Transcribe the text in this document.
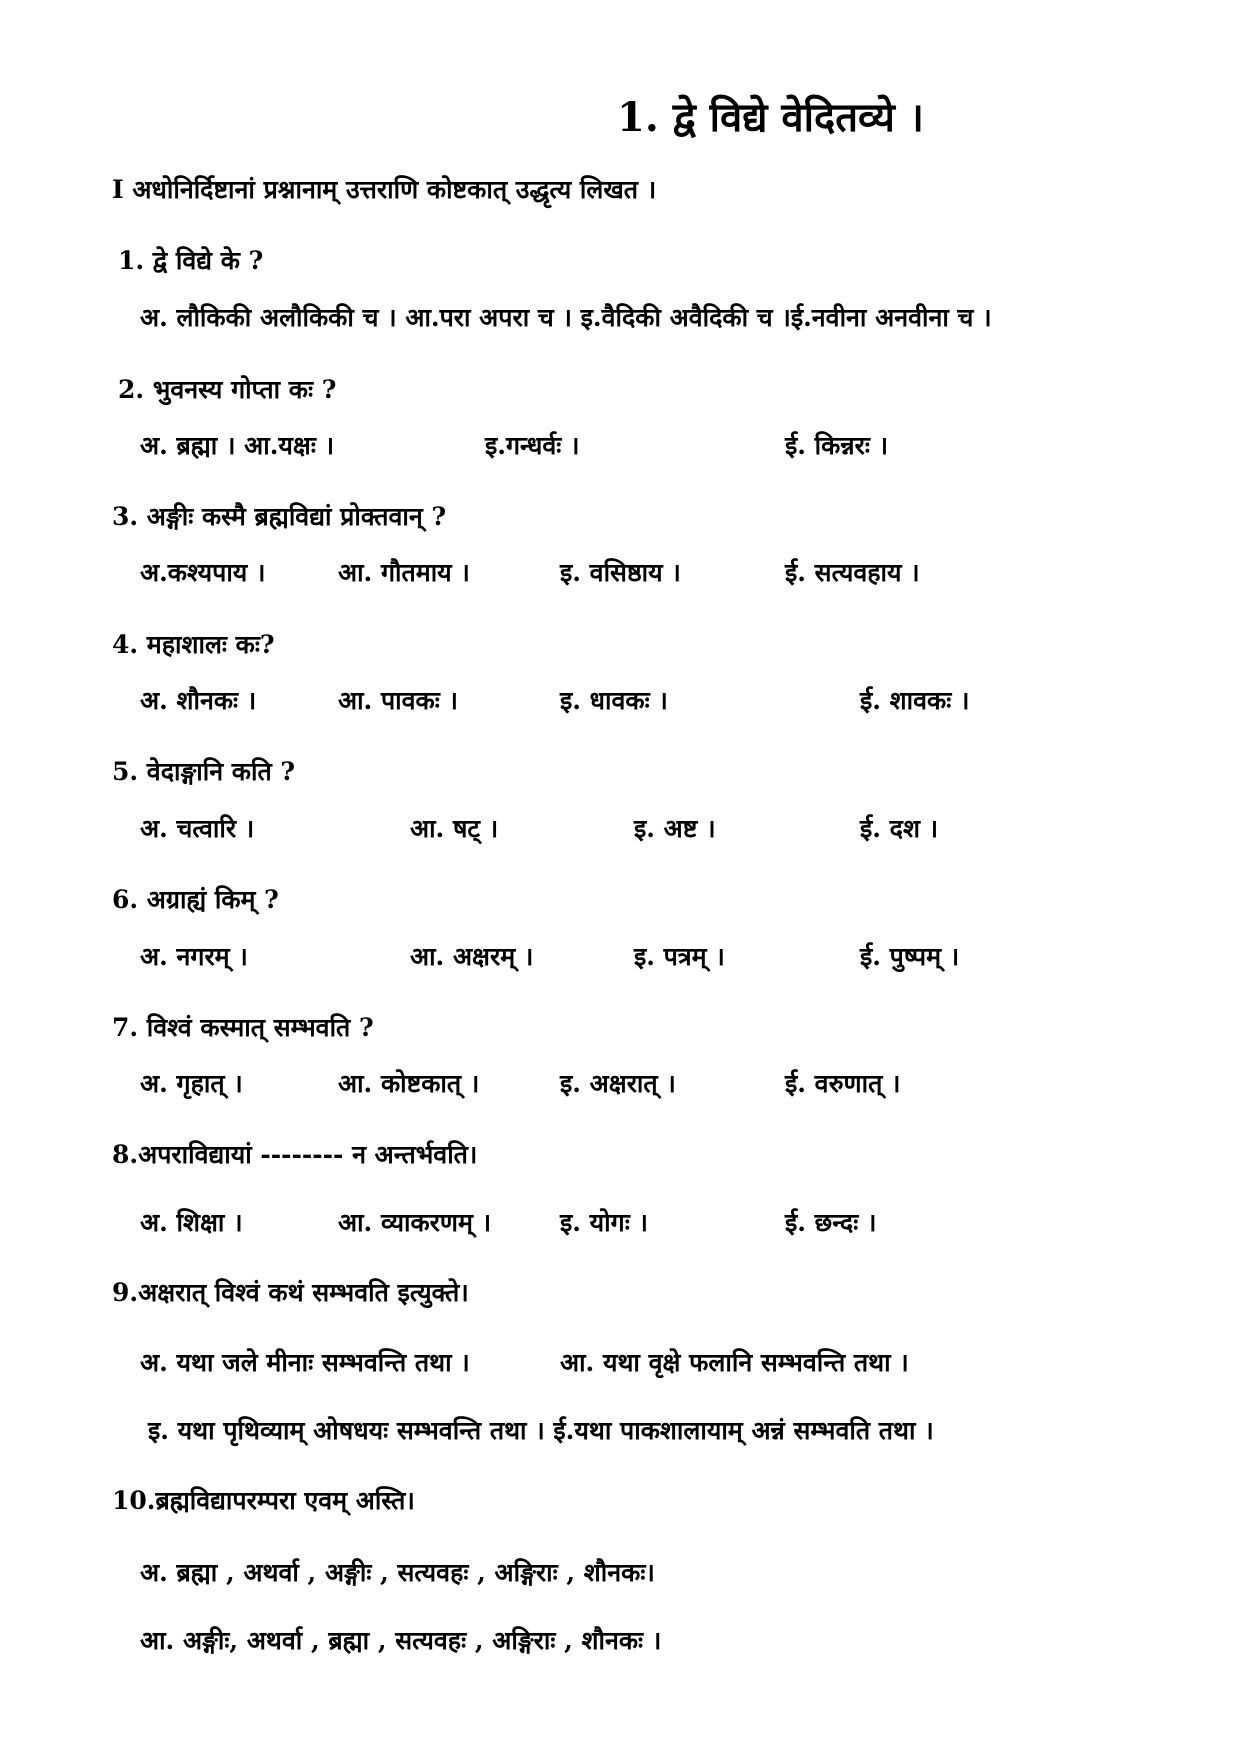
1. द्वे विद्ये वेदितव्ये ।
I अधोनिर्दिष्टानां प्रश्नानाम् उत्तराणि कोष्टकात् उद्धृत्य लिखत ।
1. द्वे विद्ये के ?
अ. लौकिकी अलौकिकी च । आ.परा अपरा च । इ.वैदिकी अवैदिकी च ।ई.नवीना अनवीना च ।
2. भुवनस्य गोप्ता कः ?
अ. ब्रह्मा । आ.यक्षः ।	इ.गन्धर्वः ।	ई. किन्नरः ।
3. अङ्गीः कस्मै ब्रह्मविद्यां प्रोक्तवान् ?
अ.कश्यपाय ।	आ. गौतमाय ।	इ. वसिष्ठाय ।	ई. सत्यवहाय ।
4. महाशालः कः?
अ. शौनकः ।	आ. पावकः ।	इ. धावकः ।	ई. शावकः ।
5. वेदाङ्गानि कति ?
अ. चत्वारि ।	आ. षट् ।	इ. अष्ट ।	ई. दश ।
6. अग्राह्यं किम् ?
अ. नगरम् ।	आ. अक्षरम् ।	इ. पत्रम् ।	ई. पुष्पम् ।
7. विश्वं कस्मात् सम्भवति ?
अ. गृहात् ।	आ. कोष्टकात् ।	इ. अक्षरात् ।	ई. वरुणात् ।
8.अपराविद्यायां -------- न अन्तर्भवति।
अ. शिक्षा ।	आ. व्याकरणम् ।	इ. योगः ।	ई. छन्दः ।
9.अक्षरात् विश्वं कथं सम्भवति इत्युक्ते।
अ. यथा जले मीनाः सम्भवन्ति तथा ।	आ. यथा वृक्षे फलानि सम्भवन्ति तथा ।
इ. यथा पृथिव्याम् ओषधयः सम्भवन्ति तथा । ई.यथा पाकशालायाम् अन्नं सम्भवति तथा ।
10.ब्रह्मविद्यापरम्परा एवम् अस्ति।
अ. ब्रह्मा , अथर्वा , अङ्गीः , सत्यवहः , अङ्गिराः , शौनकः।
आ. अङ्गीः, अथर्वा , ब्रह्मा , सत्यवहः , अङ्गिराः , शौनकः ।
